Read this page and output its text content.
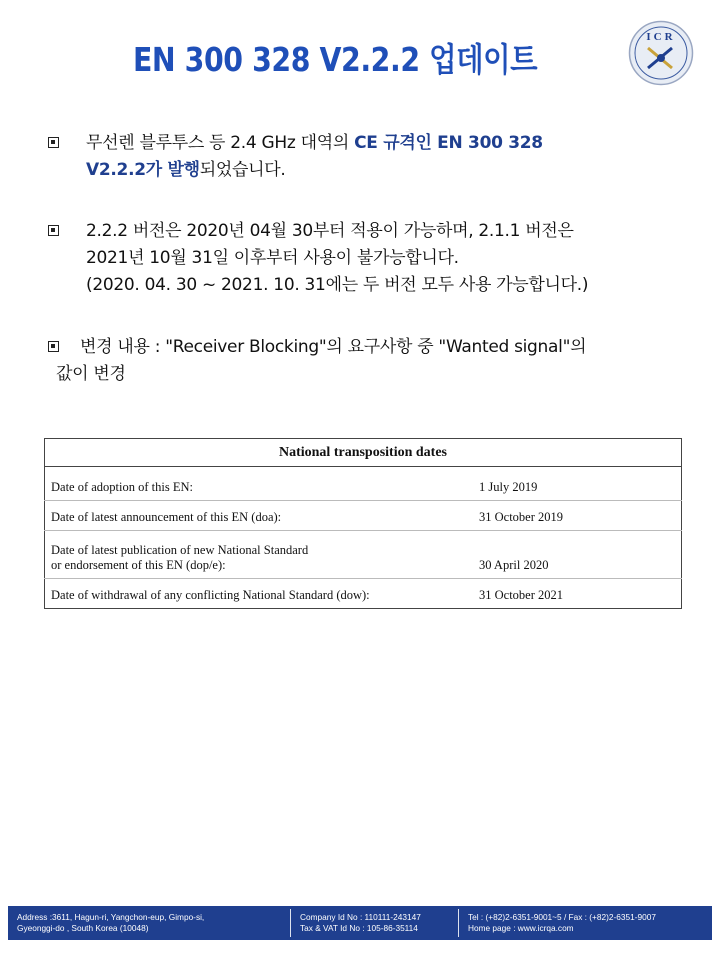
EN 300 328 V2.2.2 업데이트
ICR
무선렌 블루투스 등 2.4 GHz 대역의 CE 규격인 EN 300 328
V2.2.2가 발행되었습니다.
2.2.2 버전은 2020년 04월 30부터 적용이 가능하며, 2.1.1 버전은
2021년 10월 31일 이후부터 사용이 불가능합니다.
(2020. 04. 30 ~ 2021. 10. 31에는 두 버전 모두 사용 가능합니다.)
변경 내용 : "Receiver Blocking"의 요구사항 중 "Wanted signal"의
값이 변경
National transposition dates	
Date of adoption of this EN:	1 July 2019
Date of latest announcement of this EN (doa):	31 October 2019
Date of latest publication of new National Standard
or endorsement of this EN (dop/e):	30 April 2020
Date of withdrawal of any conflicting National Standard (dow):	31 October 2021
Address :3611, Hagun-ri, Yangchon-eup, Gimpo-si,
Gyeonggi-do , South Korea (10048)
Company Id No : 110111-243147
Tax & VAT Id No : 105-86-35114
Tel : (+82)2-6351-9001~5 / Fax : (+82)2-6351-9007
Home page : www.icrqa.com
